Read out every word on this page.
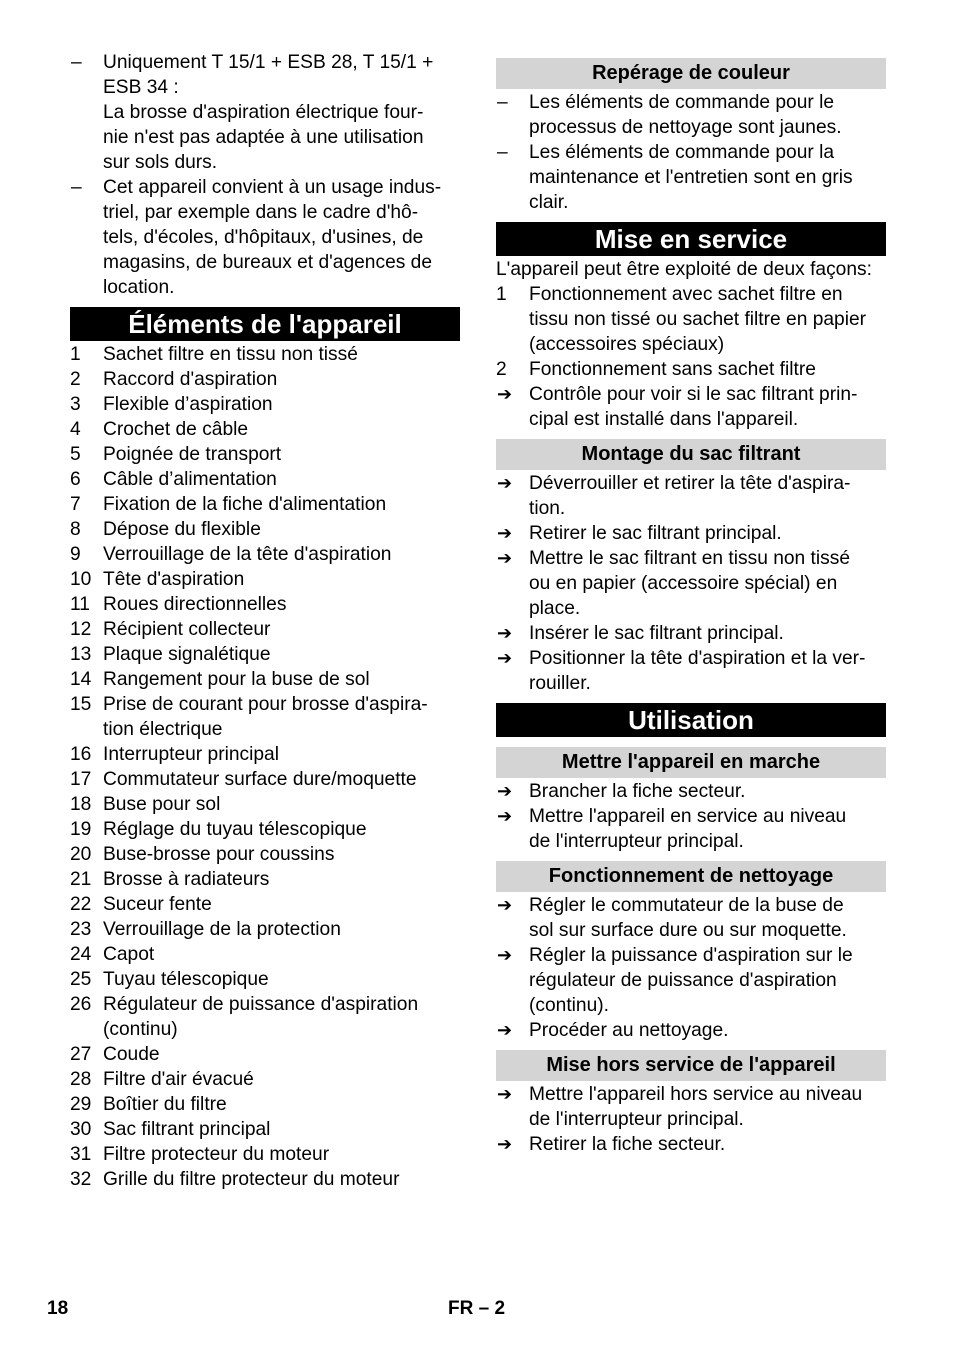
–	Uniquement T 15/1 + ESB 28, T 15/1 +
ESB 34 :
La brosse d'aspiration électrique four-
nie n'est pas adaptée à une utilisation
sur sols durs.
–	Cet appareil convient à un usage indus-
triel, par exemple dans le cadre d'hô-
tels, d'écoles, d'hôpitaux, d'usines, de
magasins, de bureaux et d'agences de
location.
Éléments de l'appareil
1	Sachet filtre en tissu non tissé
2	Raccord d'aspiration
3	Flexible d’aspiration
4	Crochet de câble
5	Poignée de transport
6	Câble d’alimentation
7	Fixation de la fiche d'alimentation
8	Dépose du flexible
9	Verrouillage de la tête d'aspiration
10 Tête d'aspiration
11 Roues directionnelles
12 Récipient collecteur
13 Plaque signalétique
14 Rangement pour la buse de sol
15 Prise de courant pour brosse d'aspira-
tion électrique
16 Interrupteur principal
17 Commutateur surface dure/moquette
18 Buse pour sol
19 Réglage du tuyau télescopique
20 Buse-brosse pour coussins
21 Brosse à radiateurs
22 Suceur fente
23 Verrouillage de la protection
24 Capot
25 Tuyau télescopique
26 Régulateur de puissance d'aspiration
(continu)
27 Coude
28 Filtre d'air évacué
29 Boîtier du filtre
30 Sac filtrant principal
31 Filtre protecteur du moteur
32 Grille du filtre protecteur du moteur
Repérage de couleur
–	Les éléments de commande pour le
processus de nettoyage sont jaunes.
–	Les éléments de commande pour la
maintenance et l'entretien sont en gris
clair.
Mise en service
L'appareil peut être exploité de deux façons:
1	Fonctionnement avec sachet filtre en
tissu non tissé ou sachet filtre en papier
(accessoires spéciaux)
2	Fonctionnement sans sachet filtre
➔ Contrôle pour voir si le sac filtrant prin-
cipal est installé dans l'appareil.
Montage du sac filtrant
➔ Déverrouiller et retirer la tête d'aspira-
tion.
➔ Retirer le sac filtrant principal.
➔ Mettre le sac filtrant en tissu non tissé
ou en papier (accessoire spécial) en
place.
➔ Insérer le sac filtrant principal.
➔ Positionner la tête d'aspiration et la ver-
rouiller.
Utilisation
Mettre l'appareil en marche
➔ Brancher la fiche secteur.
➔ Mettre l'appareil en service au niveau
de l'interrupteur principal.
Fonctionnement de nettoyage
➔ Régler le commutateur de la buse de
sol sur surface dure ou sur moquette.
➔ Régler la puissance d'aspiration sur le
régulateur de puissance d'aspiration
(continu).
➔ Procéder au nettoyage.
Mise hors service de l'appareil
➔ Mettre l'appareil hors service au niveau
de l'interrupteur principal.
➔ Retirer la fiche secteur.
18	FR – 2
